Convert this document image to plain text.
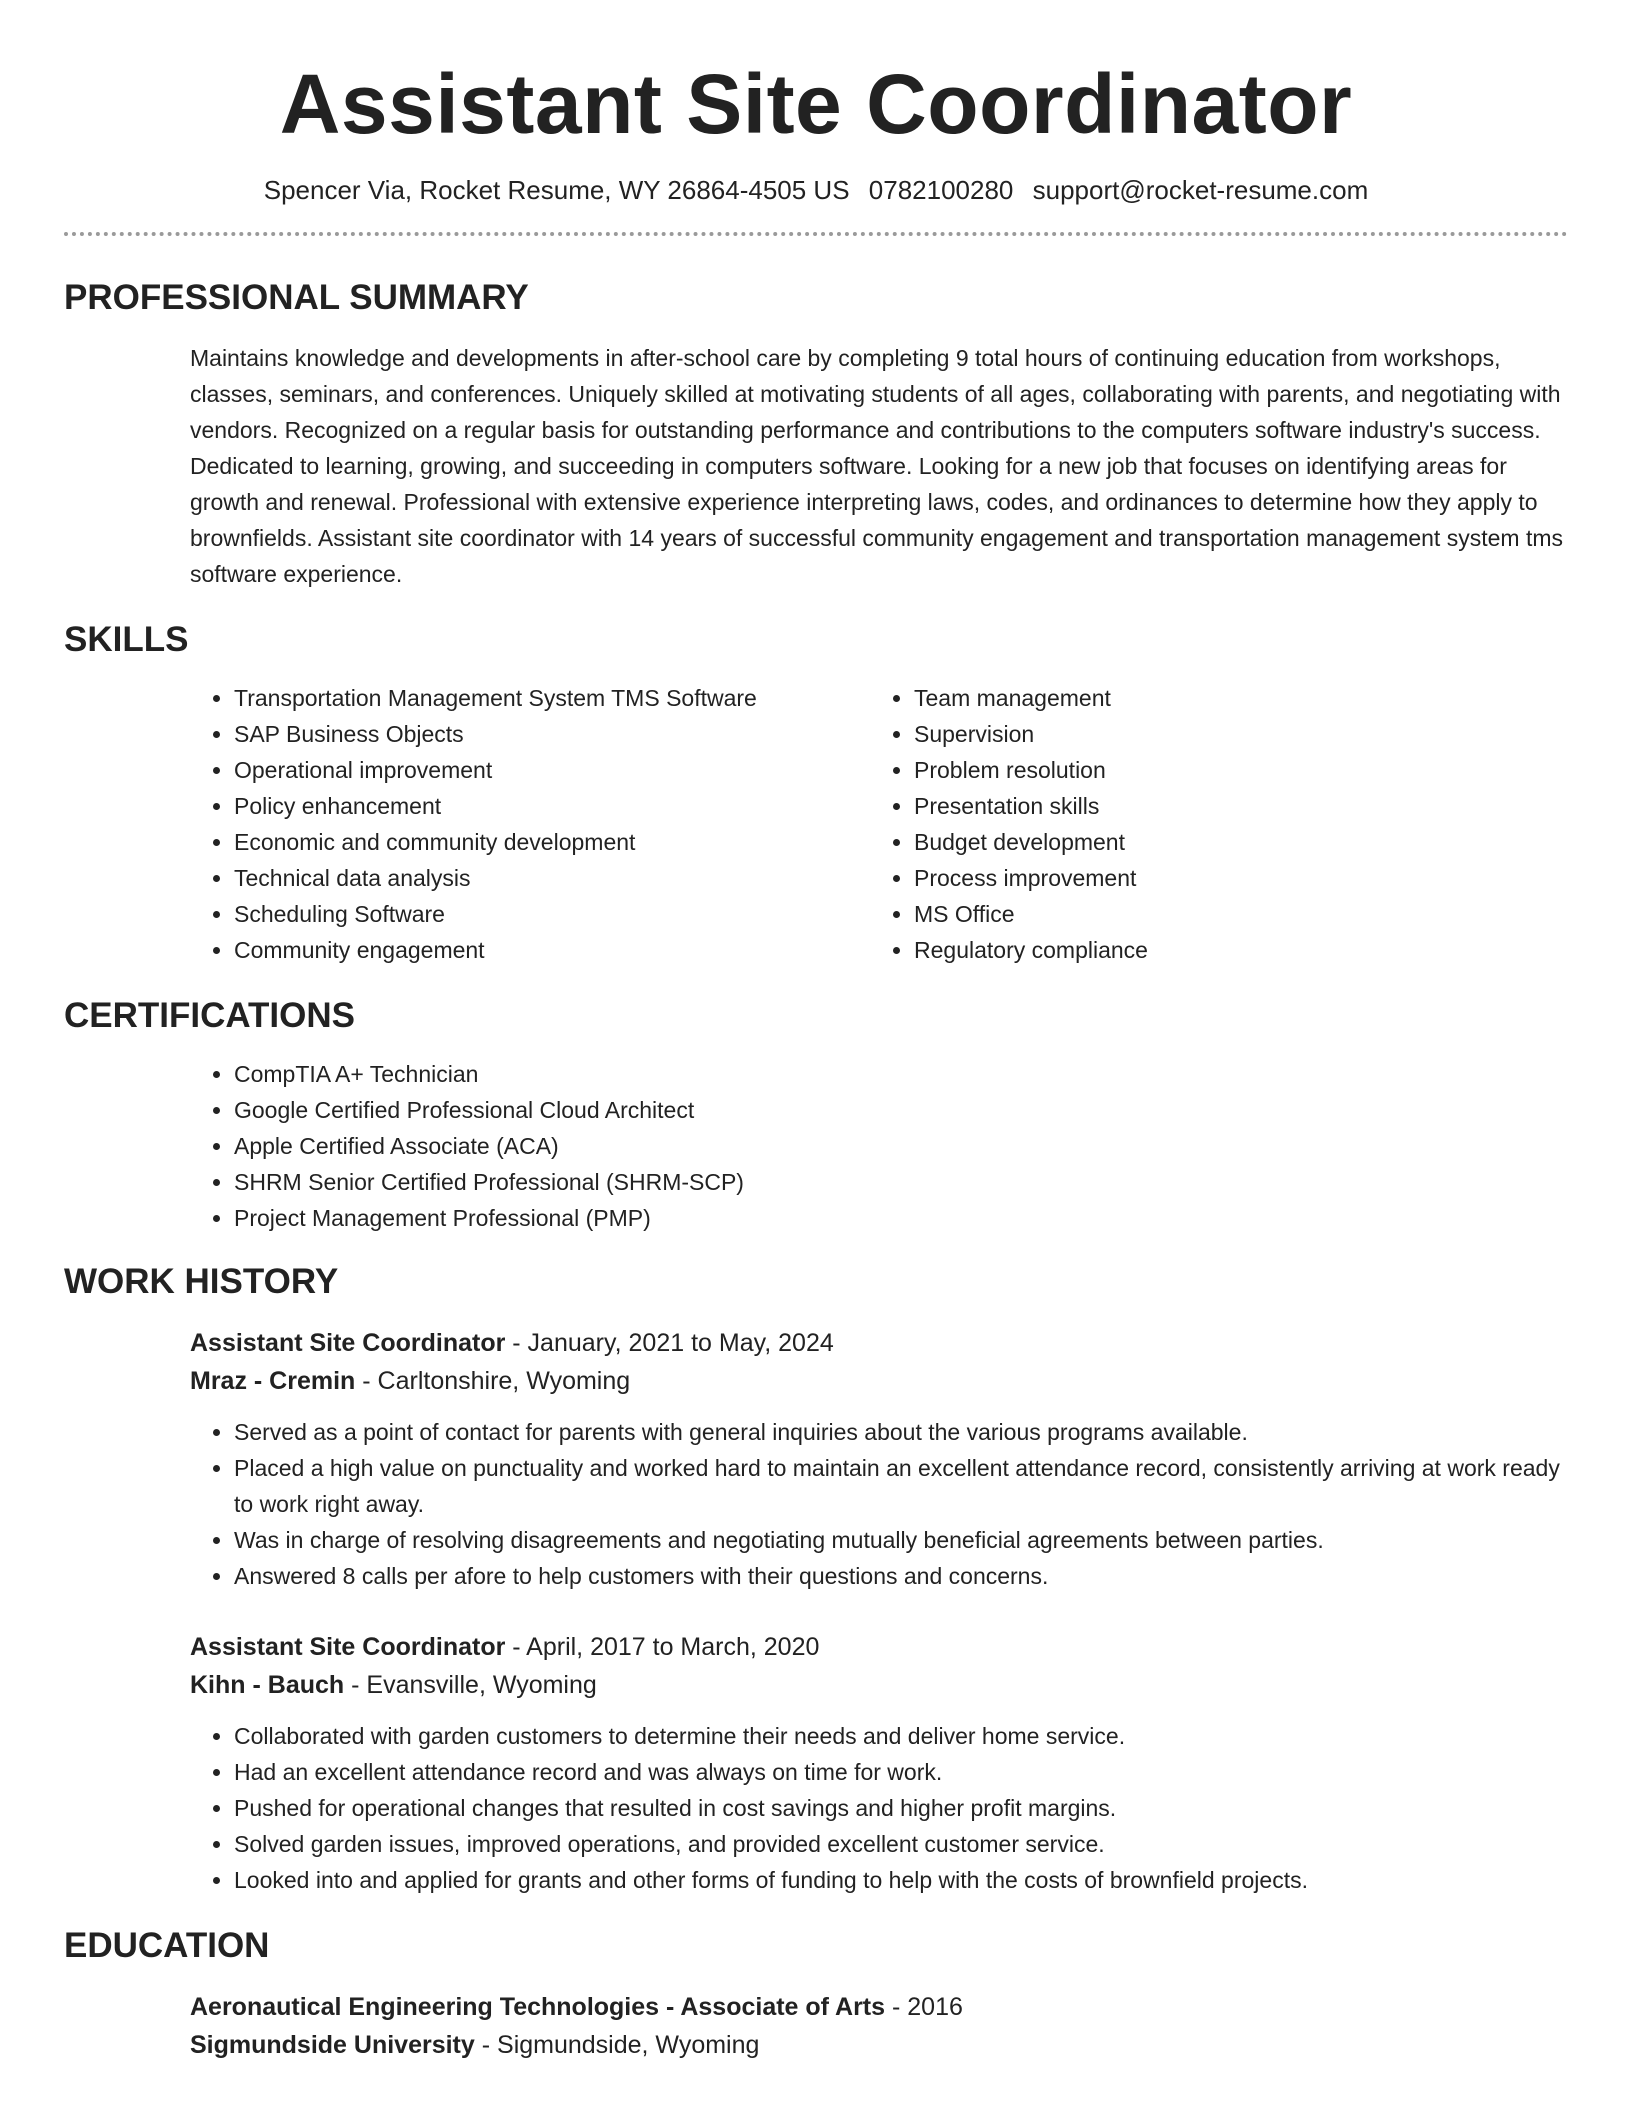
Assistant Site Coordinator
Spencer Via, Rocket Resume, WY 26864-4505 US 0782100280 support@rocket-resume.com
PROFESSIONAL SUMMARY
Maintains knowledge and developments in after-school care by completing 9 total hours of continuing education from workshops, classes, seminars, and conferences. Uniquely skilled at motivating students of all ages, collaborating with parents, and negotiating with vendors. Recognized on a regular basis for outstanding performance and contributions to the computers software industry's success. Dedicated to learning, growing, and succeeding in computers software. Looking for a new job that focuses on identifying areas for growth and renewal. Professional with extensive experience interpreting laws, codes, and ordinances to determine how they apply to brownfields. Assistant site coordinator with 14 years of successful community engagement and transportation management system tms software experience.
SKILLS
• Transportation Management System TMS Software
• SAP Business Objects
• Operational improvement
• Policy enhancement
• Economic and community development
• Technical data analysis
• Scheduling Software
• Community engagement
• Team management
• Supervision
• Problem resolution
• Presentation skills
• Budget development
• Process improvement
• MS Office
• Regulatory compliance
CERTIFICATIONS
• CompTIA A+ Technician
• Google Certified Professional Cloud Architect
• Apple Certified Associate (ACA)
• SHRM Senior Certified Professional (SHRM-SCP)
• Project Management Professional (PMP)
WORK HISTORY
Assistant Site Coordinator - January, 2021 to May, 2024
Mraz - Cremin - Carltonshire, Wyoming
• Served as a point of contact for parents with general inquiries about the various programs available.
• Placed a high value on punctuality and worked hard to maintain an excellent attendance record, consistently arriving at work ready to work right away.
• Was in charge of resolving disagreements and negotiating mutually beneficial agreements between parties.
• Answered 8 calls per afore to help customers with their questions and concerns.
Assistant Site Coordinator - April, 2017 to March, 2020
Kihn - Bauch - Evansville, Wyoming
• Collaborated with garden customers to determine their needs and deliver home service.
• Had an excellent attendance record and was always on time for work.
• Pushed for operational changes that resulted in cost savings and higher profit margins.
• Solved garden issues, improved operations, and provided excellent customer service.
• Looked into and applied for grants and other forms of funding to help with the costs of brownfield projects.
EDUCATION
Aeronautical Engineering Technologies - Associate of Arts - 2016
Sigmundside University - Sigmundside, Wyoming
